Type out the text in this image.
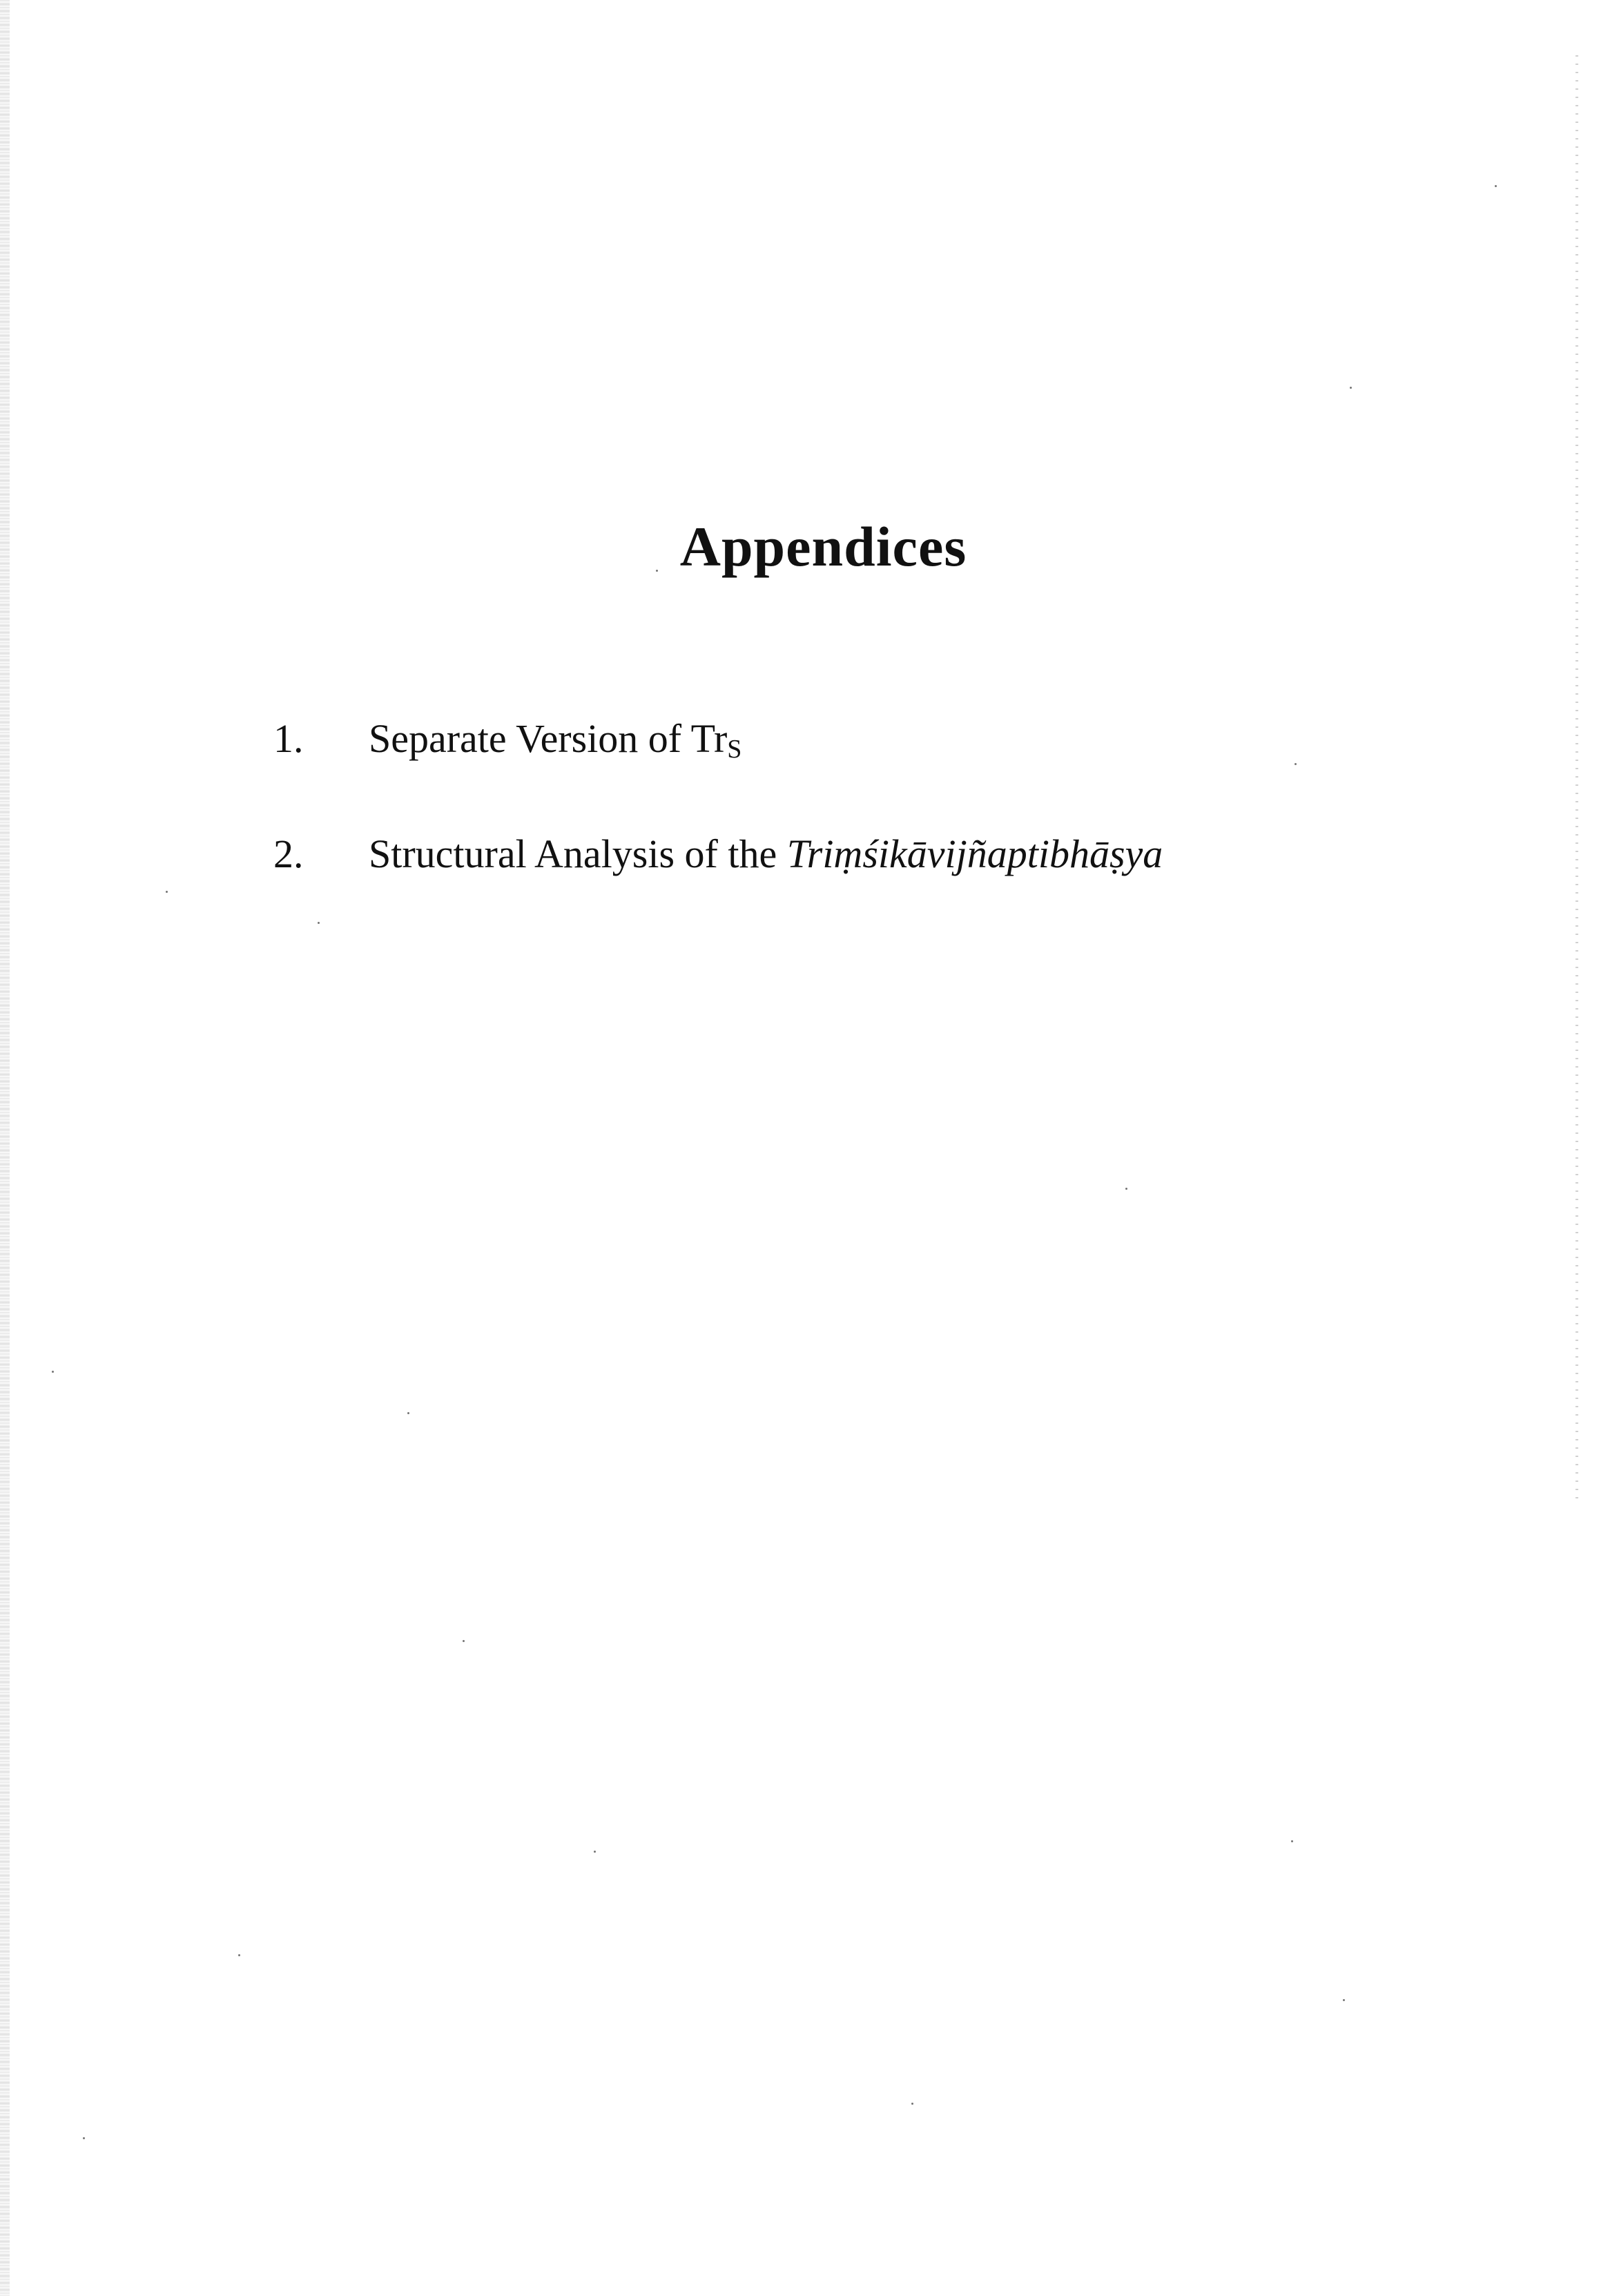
Appendices
1.	Separate Version of TrS
2.	Structural Analysis of the Triṃśikāvijñaptibhāṣya
